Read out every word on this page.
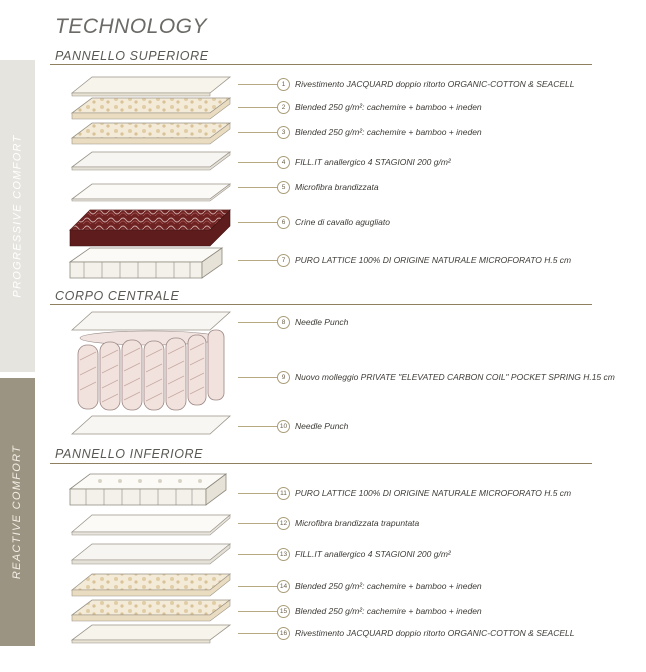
PROGRESSIVE COMFORT
REACTIVE COMFORT
TECHNOLOGY
PANNELLO SUPERIORE
CORPO CENTRALE
PANNELLO INFERIORE
1	Rivestimento JACQUARD doppio ritorto ORGANIC-COTTON & SEACELL
2	Blended 250 g/m²: cachemire + bamboo + ineden
3	Blended 250 g/m²: cachemire + bamboo + ineden
4	FILL.IT anallergico 4 STAGIONI 200 g/m²
5	Microfibra brandizzata
6	Crine di cavallo agugliato
7	PURO LATTICE 100% DI ORIGINE NATURALE MICROFORATO H.5 cm
8	Needle Punch
9	Nuovo molleggio PRIVATE "ELEVATED CARBON COIL" POCKET SPRING H.15 cm
10 Needle Punch
11 PURO LATTICE 100% DI ORIGINE NATURALE MICROFORATO H.5 cm
12 Microfibra brandizzata trapuntata
13 FILL.IT anallergico 4 STAGIONI 200 g/m²
14 Blended 250 g/m²: cachemire + bamboo + ineden
15 Blended 250 g/m²: cachemire + bamboo + ineden
16 Rivestimento JACQUARD doppio ritorto ORGANIC-COTTON & SEACELL
